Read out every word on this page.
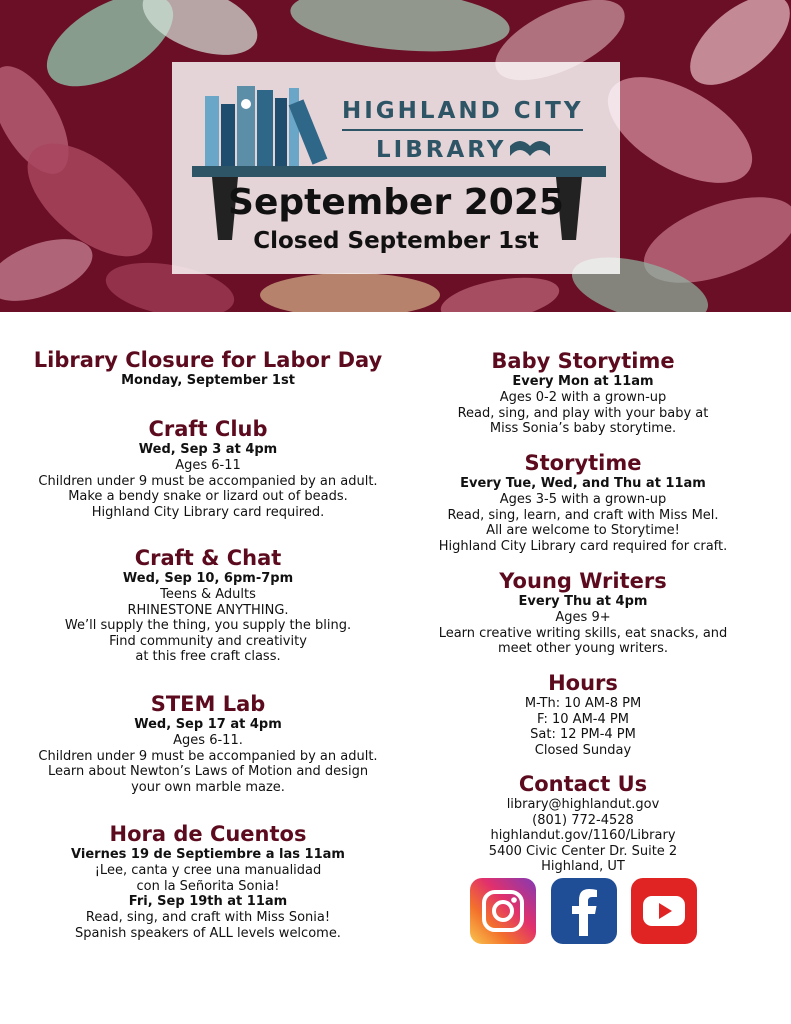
HIGHLAND CITY
LIBRARY
September 2025
Closed September 1st
Library Closure for Labor Day
Monday, September 1st
Craft Club
Wed, Sep 3 at 4pm
Ages 6-11
Children under 9 must be accompanied by an adult.
Make a bendy snake or lizard out of beads.
Highland City Library card required.
Craft & Chat
Wed, Sep 10, 6pm-7pm
Teens & Adults
RHINESTONE ANYTHING.
We’ll supply the thing, you supply the bling.
Find community and creativity
at this free craft class.
STEM Lab
Wed, Sep 17 at 4pm
Ages 6-11.
Children under 9 must be accompanied by an adult.
Learn about Newton’s Laws of Motion and design
your own marble maze.
Hora de Cuentos
Viernes 19 de Septiembre a las 11am
¡Lee, canta y cree una manualidad
con la Señorita Sonia!
Fri, Sep 19th at 11am
Read, sing, and craft with Miss Sonia!
Spanish speakers of ALL levels welcome.
Baby Storytime
Every Mon at 11am
Ages 0-2 with a grown-up
Read, sing, and play with your baby at
Miss Sonia’s baby storytime.
Storytime
Every Tue, Wed, and Thu at 11am
Ages 3-5 with a grown-up
Read, sing, learn, and craft with Miss Mel.
All are welcome to Storytime!
Highland City Library card required for craft.
Young Writers
Every Thu at 4pm
Ages 9+
Learn creative writing skills, eat snacks, and
meet other young writers.
Hours
M-Th: 10 AM-8 PM
F: 10 AM-4 PM
Sat: 12 PM-4 PM
Closed Sunday
Contact Us
library@highlandut.gov
(801) 772-4528
highlandut.gov/1160/Library
5400 Civic Center Dr. Suite 2
Highland, UT
